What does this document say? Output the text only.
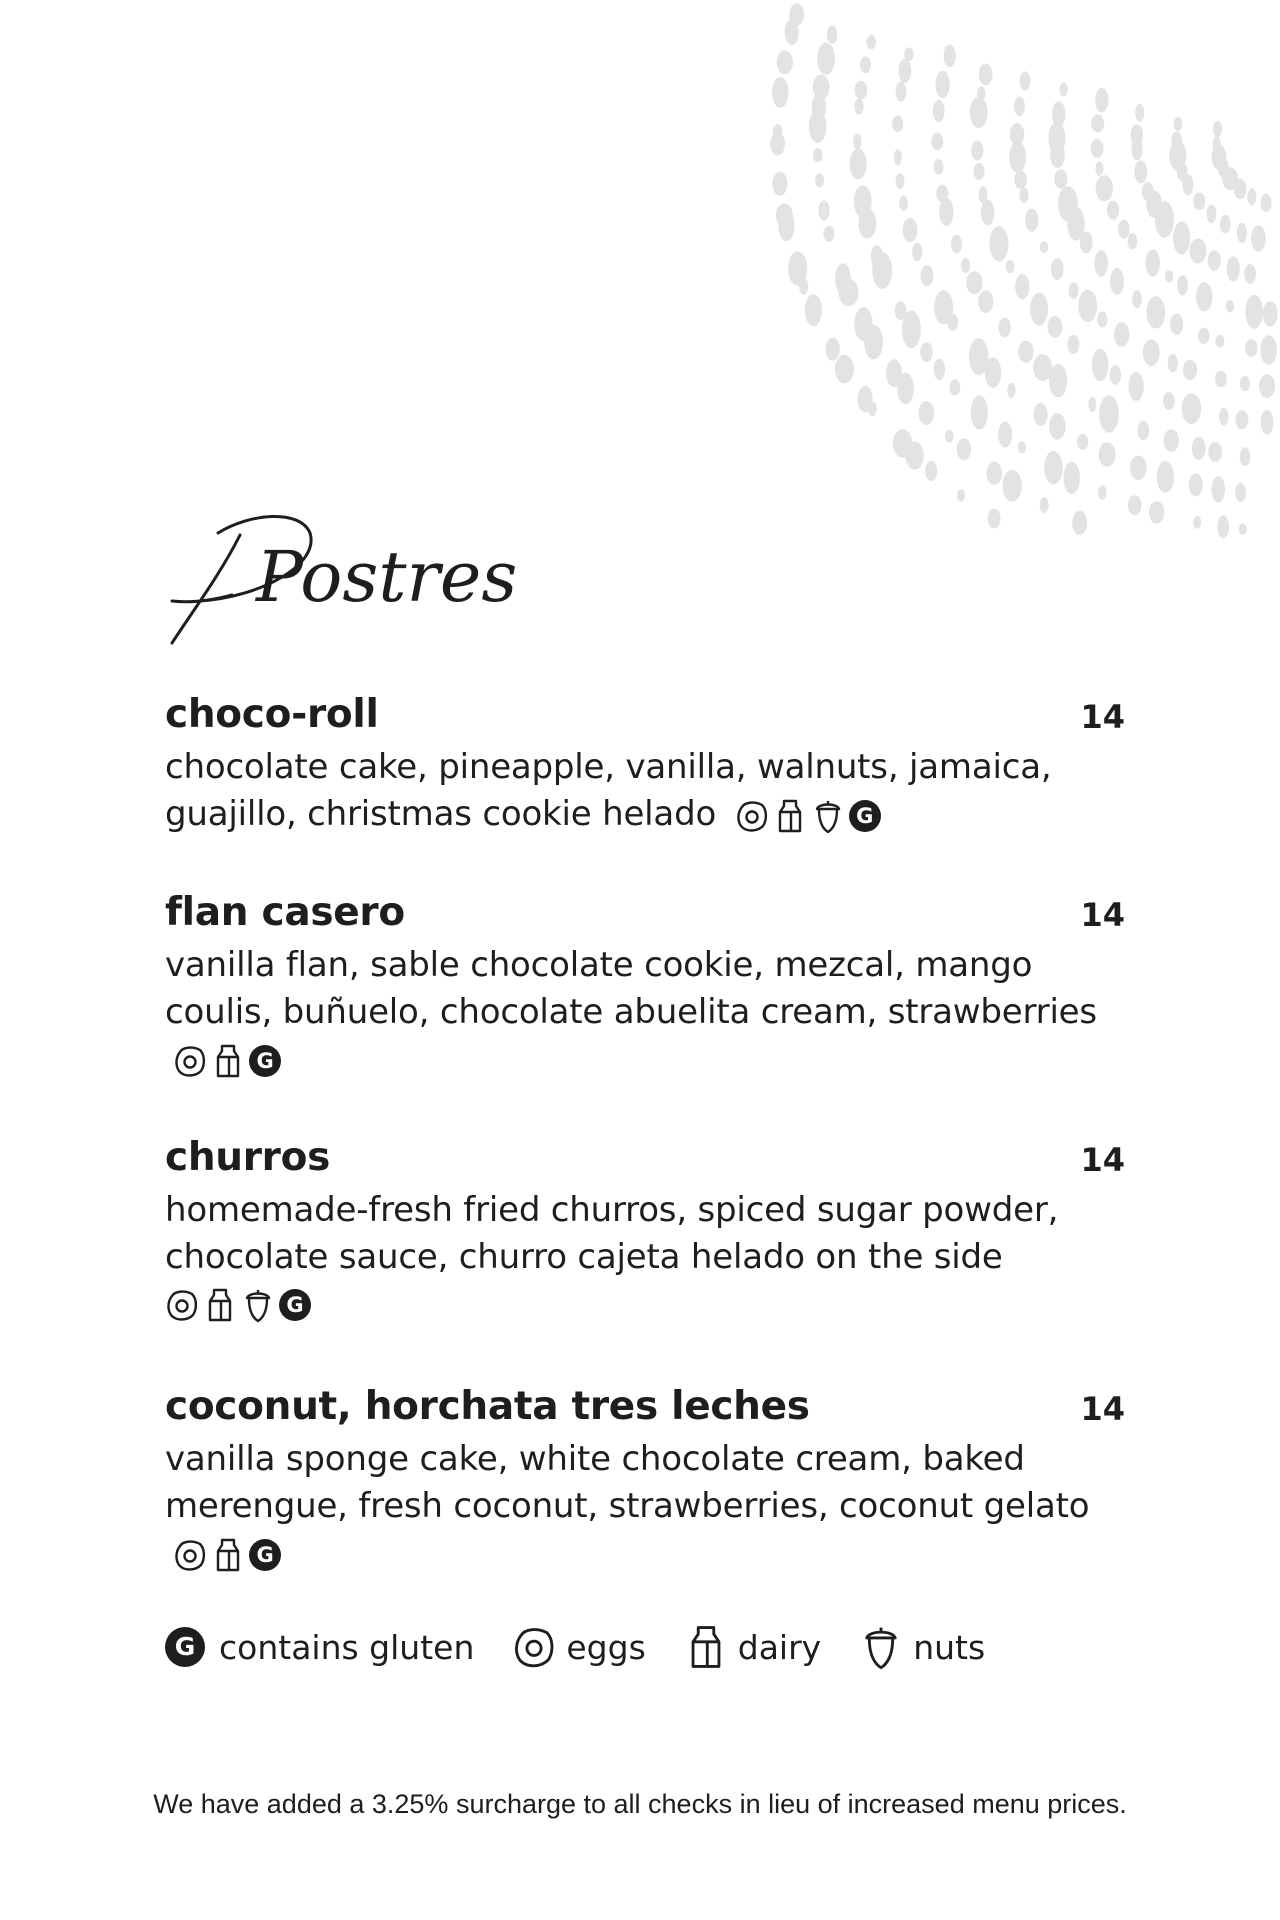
Postres
choco-roll	14
chocolate cake, pineapple, vanilla, walnuts, jamaica, guajillo, christmas cookie helado	G
flan casero	14
vanilla flan, sable chocolate cookie, mezcal, mango coulis, buñuelo, chocolate abuelita cream, strawberries
G
churros	14
homemade-fresh fried churros, spiced sugar powder, chocolate sauce, churro cajeta helado on the side
G
coconut, horchata tres leches	14
vanilla sponge cake, white chocolate cream, baked merengue, fresh coconut, strawberries, coconut gelato
G
G contains gluten	eggs	dairy	nuts
We have added a 3.25% surcharge to all checks in lieu of increased menu prices.
